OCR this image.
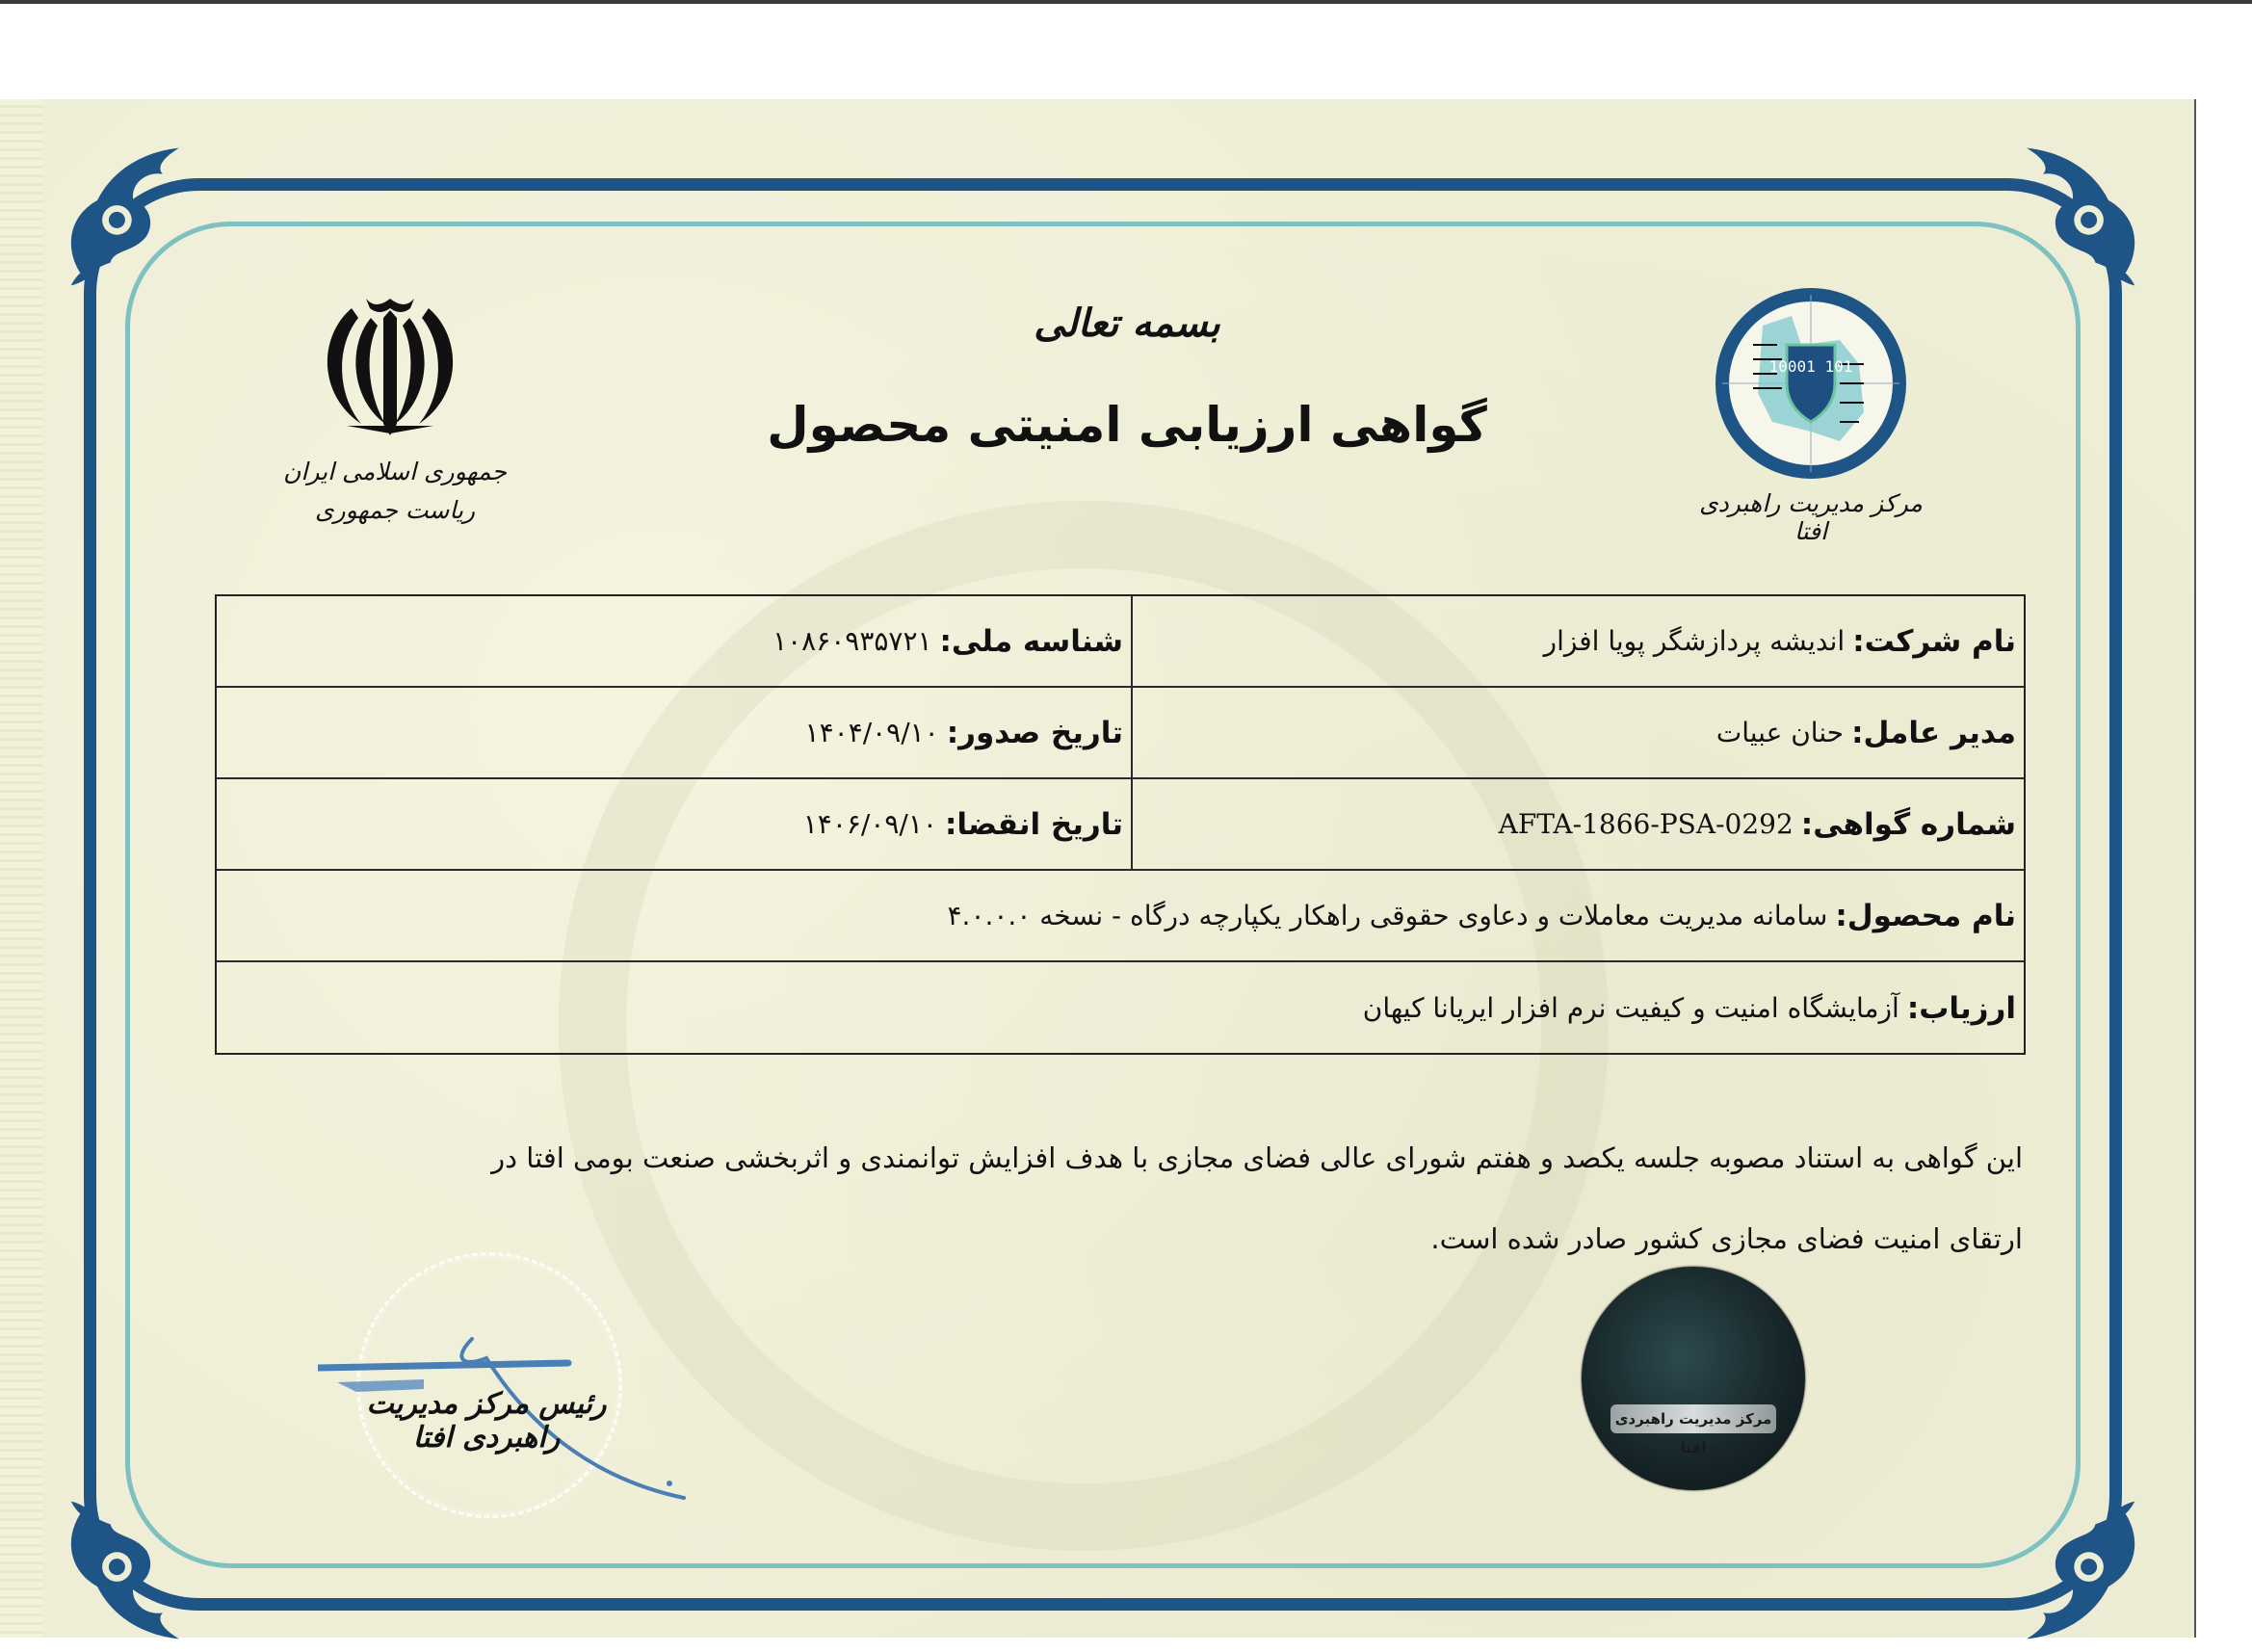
جمهوری اسلامی ایران
ریاست جمهوری
10001 101
مرکز مدیریت راهبردی افتا
بسمه تعالی
گواهی ارزیابی امنیتی محصول
نام شرکت:
اندیشه پردازشگر پویا افزار
شناسه ملی:
۱۰۸۶۰۹۳۵۷۲۱
مدیر عامل:
حنان عبیات
تاریخ صدور:
۱۴۰۴/۰۹/۱۰
شماره گواهی:
AFTA-1866-PSA-0292
تاریخ انقضا:
۱۴۰۶/۰۹/۱۰
نام محصول:
سامانه مدیریت معاملات و دعاوی حقوقی راهکار یکپارچه درگاه - نسخه ۴.۰.۰.۰
ارزیاب:
آزمایشگاه امنیت و کیفیت نرم افزار ایریانا کیهان
این گواهی به استناد مصوبه جلسه یکصد و هفتم شورای عالی فضای مجازی با هدف افزایش توانمندی و اثربخشی صنعت بومی افتا در
ارتقای امنیت فضای مجازی کشور صادر شده است.
رئیس مرکز مدیریت راهبردی افتا
مرکز مدیریت راهبردی افتا
